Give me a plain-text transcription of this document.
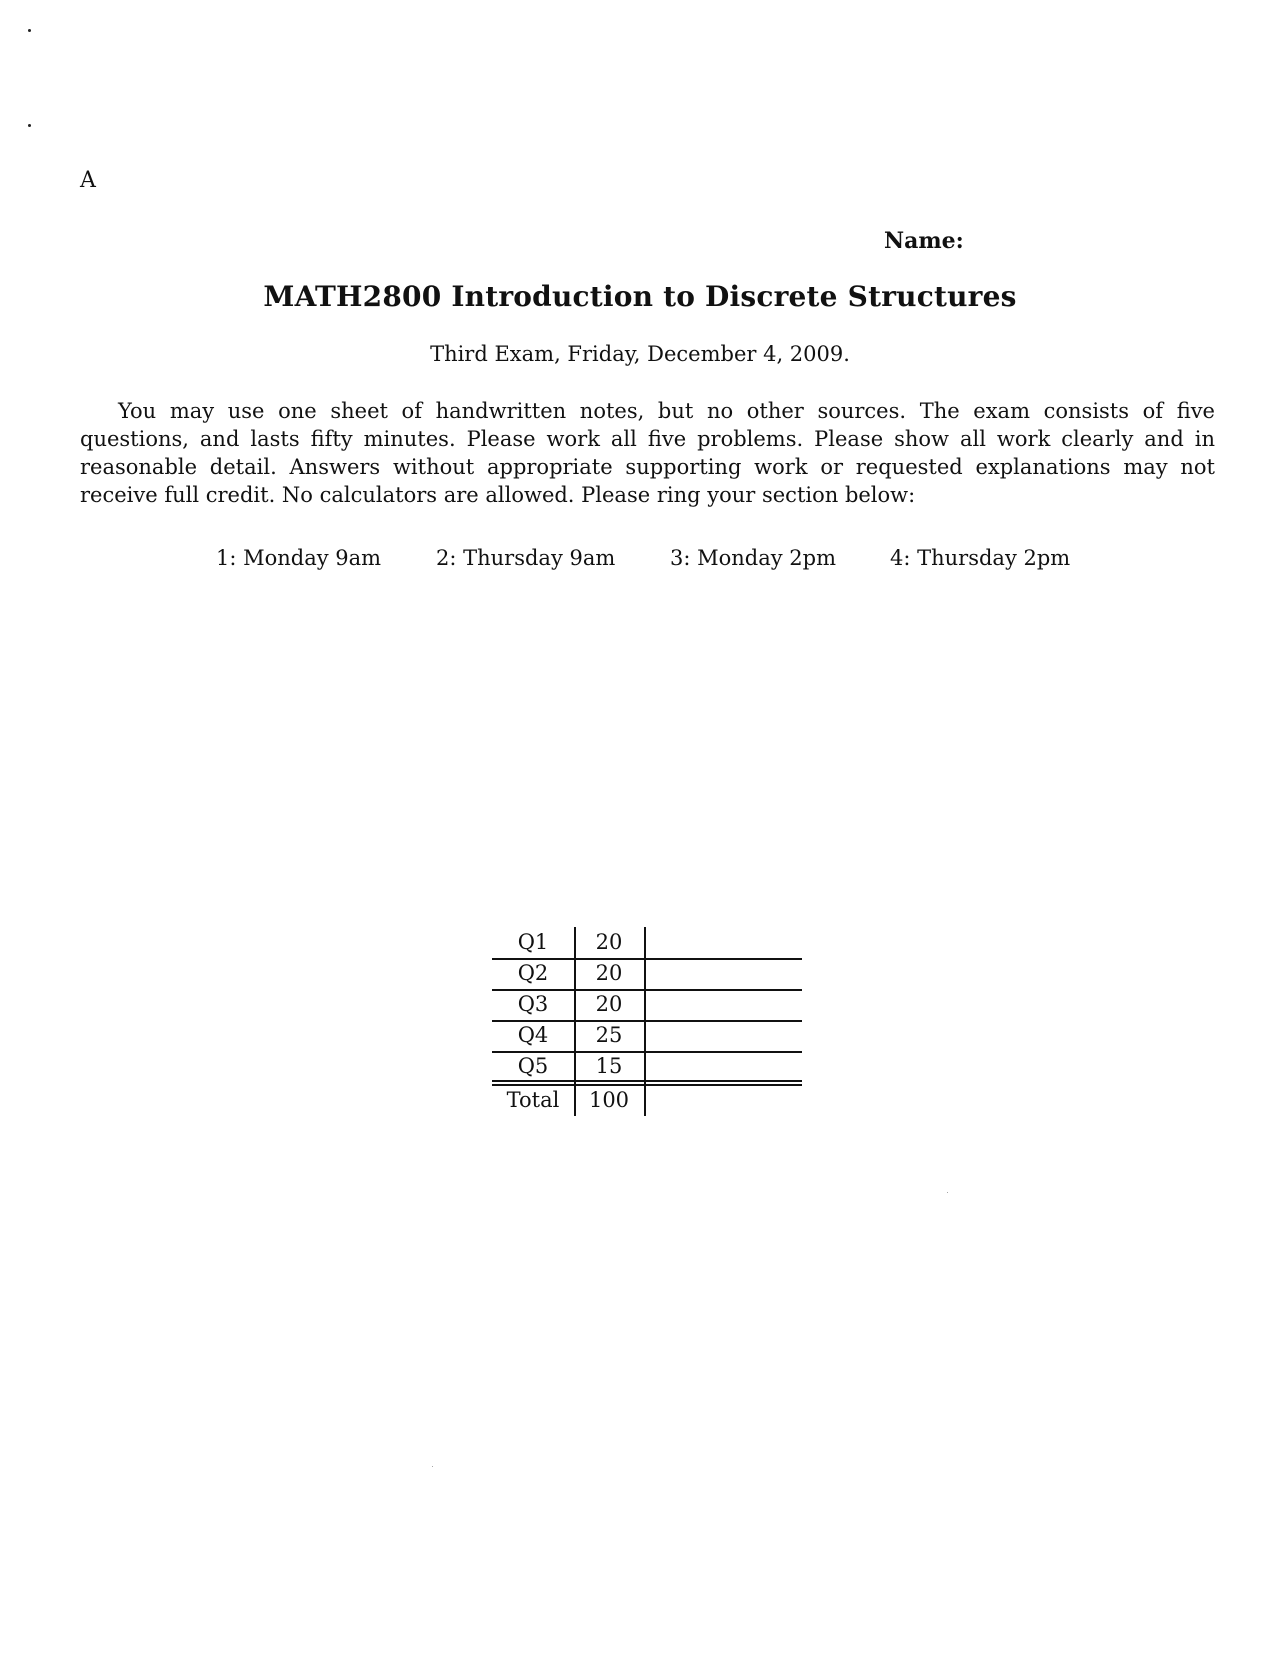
A
Name:
MATH2800 Introduction to Discrete Structures
Third Exam, Friday, December 4, 2009.

You may use one sheet of handwritten notes, but no other sources. The exam consists of five questions, and lasts fifty minutes. Please work all five problems. Please show all work clearly and in reasonable detail. Answers without appropriate supporting work or requested explanations may not receive full credit. No calculators are allowed. Please ring your section below:

1: Monday 9am	2: Thursday 9am	3: Monday 2pm	4: Thursday 2pm
Q1	20
Q2	20
Q3	20
Q4	25
Q5	15
Total	100
